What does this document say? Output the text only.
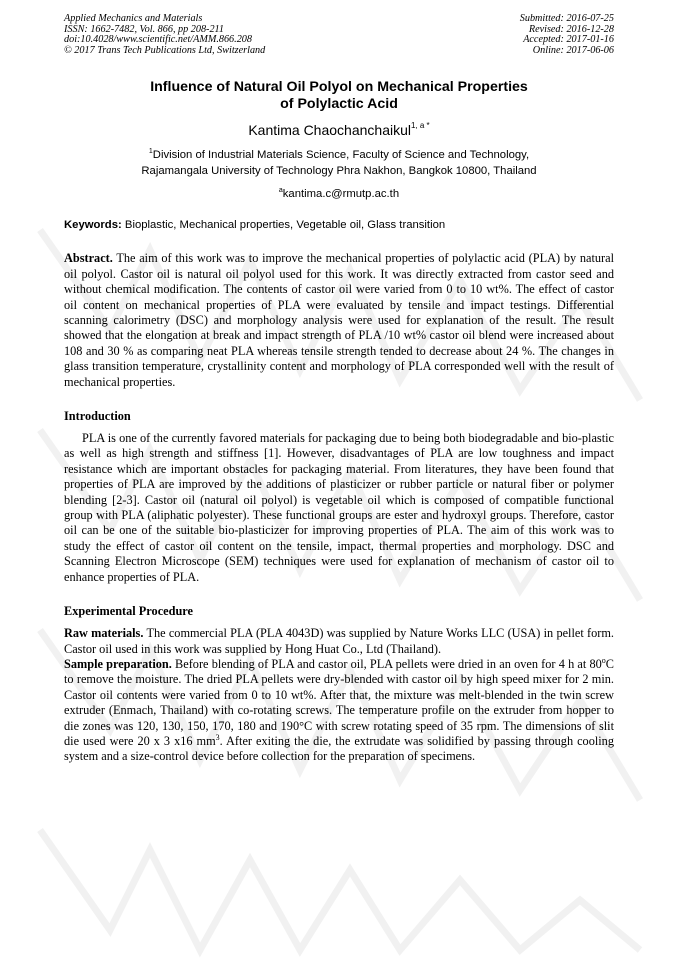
Applied Mechanics and Materials
ISSN: 1662-7482, Vol. 866, pp 208-211
doi:10.4028/www.scientific.net/AMM.866.208
© 2017 Trans Tech Publications Ltd, Switzerland
Submitted: 2016-07-25
Revised: 2016-12-28
Accepted: 2017-01-16
Online: 2017-06-06
Influence of Natural Oil Polyol on Mechanical Properties
of Polylactic Acid
Kantima Chaochanchaikul$^{1, a *}$
$^1$Division of Industrial Materials Science, Faculty of Science and Technology,
Rajamangala University of Technology Phra Nakhon, Bangkok 10800, Thailand
$^a$kantima.c@rmutp.ac.th
Keywords: Bioplastic, Mechanical properties, Vegetable oil, Glass transition
Abstract. The aim of this work was to improve the mechanical properties of polylactic acid (PLA) by natural oil polyol. Castor oil is natural oil polyol used for this work. It was directly extracted from castor seed and without chemical modification. The contents of castor oil were varied from 0 to 10 wt%. The effect of castor oil content on mechanical properties of PLA were evaluated by tensile and impact testings. Differential scanning calorimetry (DSC) and morphology analysis were used for explanation of the result. The result showed that the elongation at break and impact strength of PLA /10 wt% castor oil blend were increased about 108 and 30 % as comparing neat PLA whereas tensile strength tended to decrease about 24 %. The changes in glass transition temperature, crystallinity content and morphology of PLA corresponded well with the result of mechanical properties.
Introduction
PLA is one of the currently favored materials for packaging due to being both biodegradable and bio-plastic as well as high strength and stiffness [1]. However, disadvantages of PLA are low toughness and impact resistance which are important obstacles for packaging material. From literatures, they have been found that properties of PLA are improved by the additions of plasticizer or rubber particle or natural fiber or polymer blending [2-3]. Castor oil (natural oil polyol) is vegetable oil which is composed of compatible functional group with PLA (aliphatic polyester). These functional groups are ester and hydroxyl groups. Therefore, castor oil can be one of the suitable bio-plasticizer for improving properties of PLA. The aim of this work was to study the effect of castor oil content on the tensile, impact, thermal properties and morphology. DSC and Scanning Electron Microscope (SEM) techniques were used for explanation of mechanism of castor oil to enhance properties of PLA.
Experimental Procedure
Raw materials. The commercial PLA (PLA 4043D) was supplied by Nature Works LLC (USA) in pellet form. Castor oil used in this work was supplied by Hong Huat Co., Ltd (Thailand).
Sample preparation. Before blending of PLA and castor oil, PLA pellets were dried in an oven for 4 h at 80$^o$C to remove the moisture. The dried PLA pellets were dry-blended with castor oil by high speed mixer for 2 min. Castor oil contents were varied from 0 to 10 wt%. After that, the mixture was melt-blended in the twin screw extruder (Enmach, Thailand) with co-rotating screws. The temperature profile on the extruder from hopper to die zones was 120, 130, 150, 170, 180 and 190°C with screw rotating speed of 35 rpm. The dimensions of slit die used were 20 x 3 x16 $mm^3$. After exiting the die, the extrudate was solidified by passing through cooling system and a size-control device before collection for the preparation of specimens.
